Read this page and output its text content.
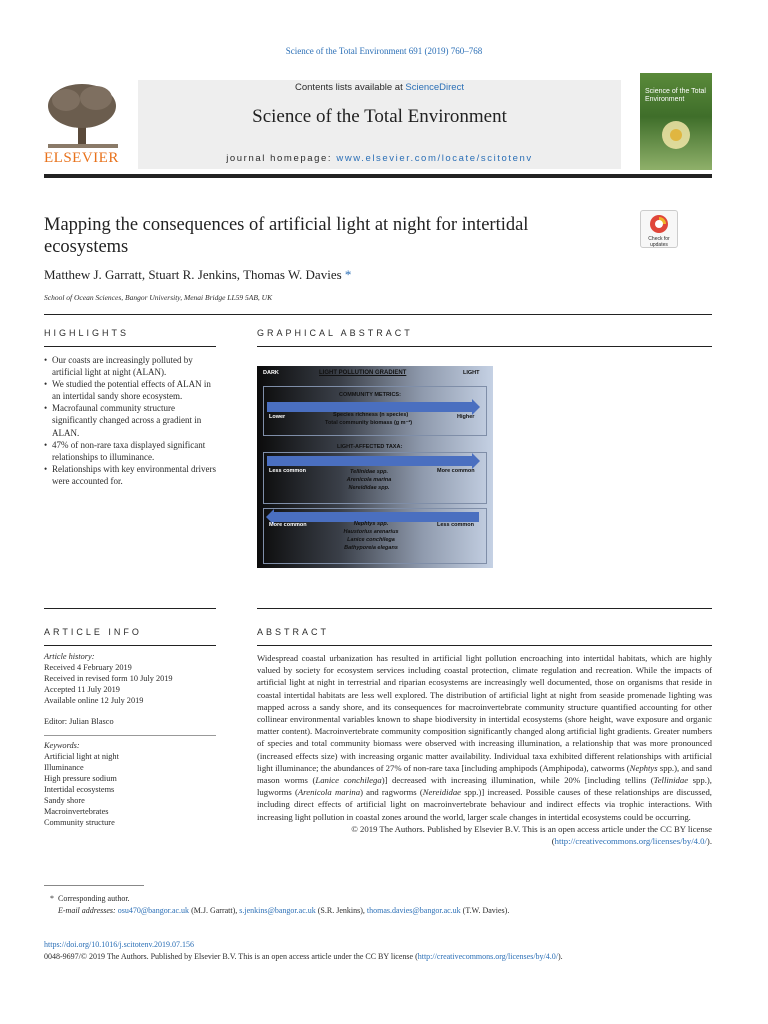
Science of the Total Environment 691 (2019) 760–768
ELSEVIER
Contents lists available at ScienceDirect
Science of the Total Environment
journal homepage: www.elsevier.com/locate/scitotenv
Science of the Total Environment
Mapping the consequences of artificial light at night for intertidal ecosystems	Check for updates
Matthew J. Garratt, Stuart R. Jenkins, Thomas W. Davies *
School of Ocean Sciences, Bangor University, Menai Bridge LL59 5AB, UK
HIGHLIGHTS	GRAPHICAL ABSTRACT
• Our coasts are increasingly polluted by artificial light at night (ALAN).
• We studied the potential effects of ALAN in an intertidal sandy shore ecosystem.
• Macrofaunal community structure significantly changed across a gradient in ALAN.
• 47% of non-rare taxa displayed significant relationships to illuminance.
• Relationships with key environmental drivers were accounted for.
DARK	LIGHT POLLUTION GRADIENT	LIGHT
COMMUNITY METRICS:
Lower	Higher
Species richness (n species)
Total community biomass (g m⁻²)
LIGHT-AFFECTED TAXA:
Less common	More common
Tellinidae spp.
Arenicola marina
Nereididae spp.
More common	Less common
Nephtys spp.
Haustorius arenarius
Lanice conchilega
Bathyporeia elegans
ARTICLE INFO	ABSTRACT
Article history:
Received 4 February 2019
Received in revised form 10 July 2019
Accepted 11 July 2019
Available online 12 July 2019
Editor: Julian Blasco
Keywords:
Artificial light at night
Illuminance
High pressure sodium
Intertidal ecosystems
Sandy shore
Macroinvertebrates
Community structure
Widespread coastal urbanization has resulted in artificial light pollution encroaching into intertidal habitats, which are highly valued by society for ecosystem services including coastal protection, climate regulation and recreation. While the impacts of artificial light at night in terrestrial and riparian ecosystems are increasingly well documented, those on organisms that reside in coastal intertidal habitats are less well explored. The distribution of artificial light at night from seaside promenade lighting was mapped across a sandy shore, and its consequences for macroinvertebrate community structure quantified accounting for other collinear environmental variables known to shape biodiversity in intertidal ecosystems (shore height, wave exposure and organic matter content). Macroinvertebrate community composition significantly changed along artificial light gradients. Greater numbers of species and total community biomass were observed with increasing illumination, a relationship that was more pronounced (increased effects size) with increasing organic matter availability. Individual taxa exhibited different relationships with artificial light illuminance; the abundances of 27% of non-rare taxa [including amphipods (Amphipoda), catworms (Nephtys spp.), and sand mason worms (Lanice conchilega)] decreased with increasing illumination, while 20% [including tellins (Tellinidae spp.), lugworms (Arenicola marina) and ragworms (Nereididae spp.)] increased. Possible causes of these relationships are discussed, including direct effects of artificial light on macroinvertebrate behaviour and indirect effects via trophic interactions. With increasing light pollution in coastal zones around the world, larger scale changes in intertidal ecosystems could be occurring.
© 2019 The Authors. Published by Elsevier B.V. This is an open access article under the CC BY license (http://creativecommons.org/licenses/by/4.0/).
* Corresponding author.
E-mail addresses: osu470@bangor.ac.uk (M.J. Garratt), s.jenkins@bangor.ac.uk (S.R. Jenkins), thomas.davies@bangor.ac.uk (T.W. Davies).
https://doi.org/10.1016/j.scitotenv.2019.07.156
0048-9697/© 2019 The Authors. Published by Elsevier B.V. This is an open access article under the CC BY license (http://creativecommons.org/licenses/by/4.0/).
